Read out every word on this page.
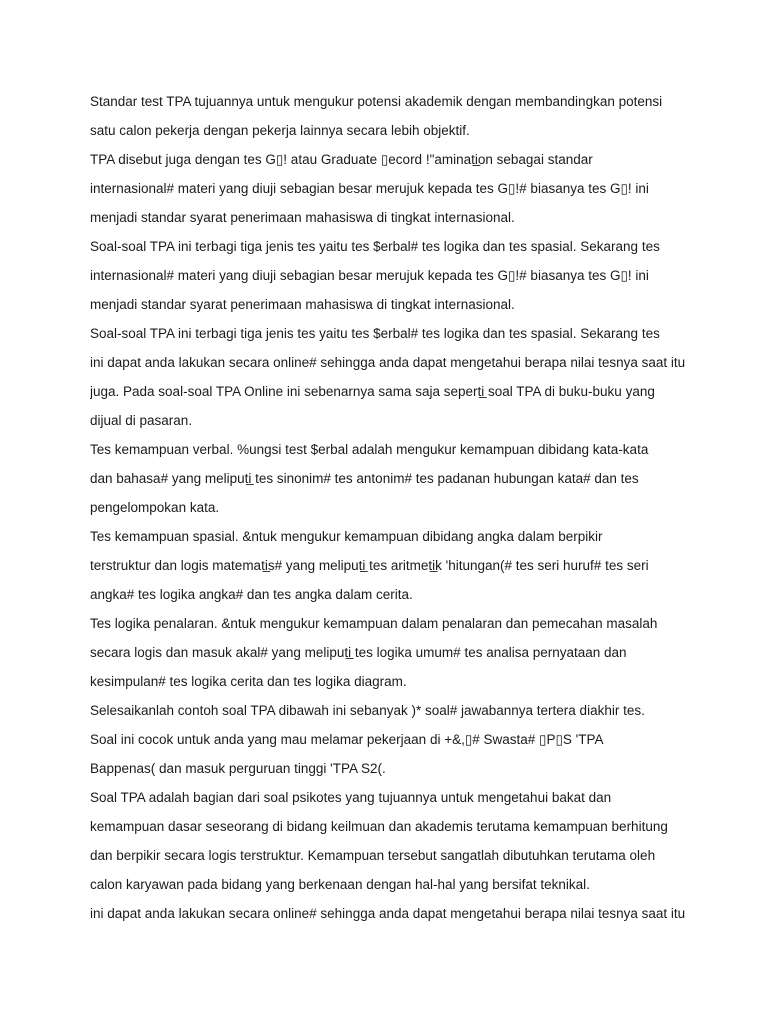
Standar test TPA tujuannya untuk mengukur potensi akademik dengan membandingkan potensi
satu calon pekerja dengan pekerja lainnya secara lebih objektif.
TPA disebut juga dengan tes G▯! atau Graduate ▯ecord !"aminati̲on sebagai standar
internasional# materi yang diuji sebagian besar merujuk kepada tes G▯!# biasanya tes G▯! ini
menjadi standar syarat penerimaan mahasiswa di tingkat internasional.
Soal-soal TPA ini terbagi tiga jenis tes yaitu tes $erbal# tes logika dan tes spasial. Sekarang tes
internasional# materi yang diuji sebagian besar merujuk kepada tes G▯!# biasanya tes G▯! ini
menjadi standar syarat penerimaan mahasiswa di tingkat internasional.
Soal-soal TPA ini terbagi tiga jenis tes yaitu tes $erbal# tes logika dan tes spasial. Sekarang tes
ini dapat anda lakukan secara online# sehingga anda dapat mengetahui berapa nilai tesnya saat itu
juga. Pada soal-soal TPA Online ini sebenarnya sama saja seperti̲ soal TPA di buku-buku yang
dijual di pasaran.
Tes kemampuan verbal. %ungsi test $erbal adalah mengukur kemampuan dibidang kata-kata
dan bahasa# yang meliputi̲ tes sinonim# tes antonim# tes padanan hubungan kata# dan tes
pengelompokan kata.
Tes kemampuan spasial. &ntuk mengukur kemampuan dibidang angka dalam berpikir
terstruktur dan logis matemati̲s# yang meliputi̲ tes aritmeti̲k 'hitungan(# tes seri huruf# tes seri
angka# tes logika angka# dan tes angka dalam cerita.
Tes logika penalaran. &ntuk mengukur kemampuan dalam penalaran dan pemecahan masalah
secara logis dan masuk akal# yang meliputi̲ tes logika umum# tes analisa pernyataan dan
kesimpulan# tes logika cerita dan tes logika diagram.
Selesaikanlah contoh soal TPA dibawah ini sebanyak )* soal# jawabannya tertera diakhir tes.
Soal ini cocok untuk anda yang mau melamar pekerjaan di +&,▯# Swasta# ▯P▯S 'TPA
Bappenas( dan masuk perguruan tinggi 'TPA S2(.
Soal TPA adalah bagian dari soal psikotes yang tujuannya untuk mengetahui bakat dan
kemampuan dasar seseorang di bidang keilmuan dan akademis terutama kemampuan berhitung
dan berpikir secara logis terstruktur. Kemampuan tersebut sangatlah dibutuhkan terutama oleh
calon karyawan pada bidang yang berkenaan dengan hal-hal yang bersifat teknikal.
ini dapat anda lakukan secara online# sehingga anda dapat mengetahui berapa nilai tesnya saat itu
